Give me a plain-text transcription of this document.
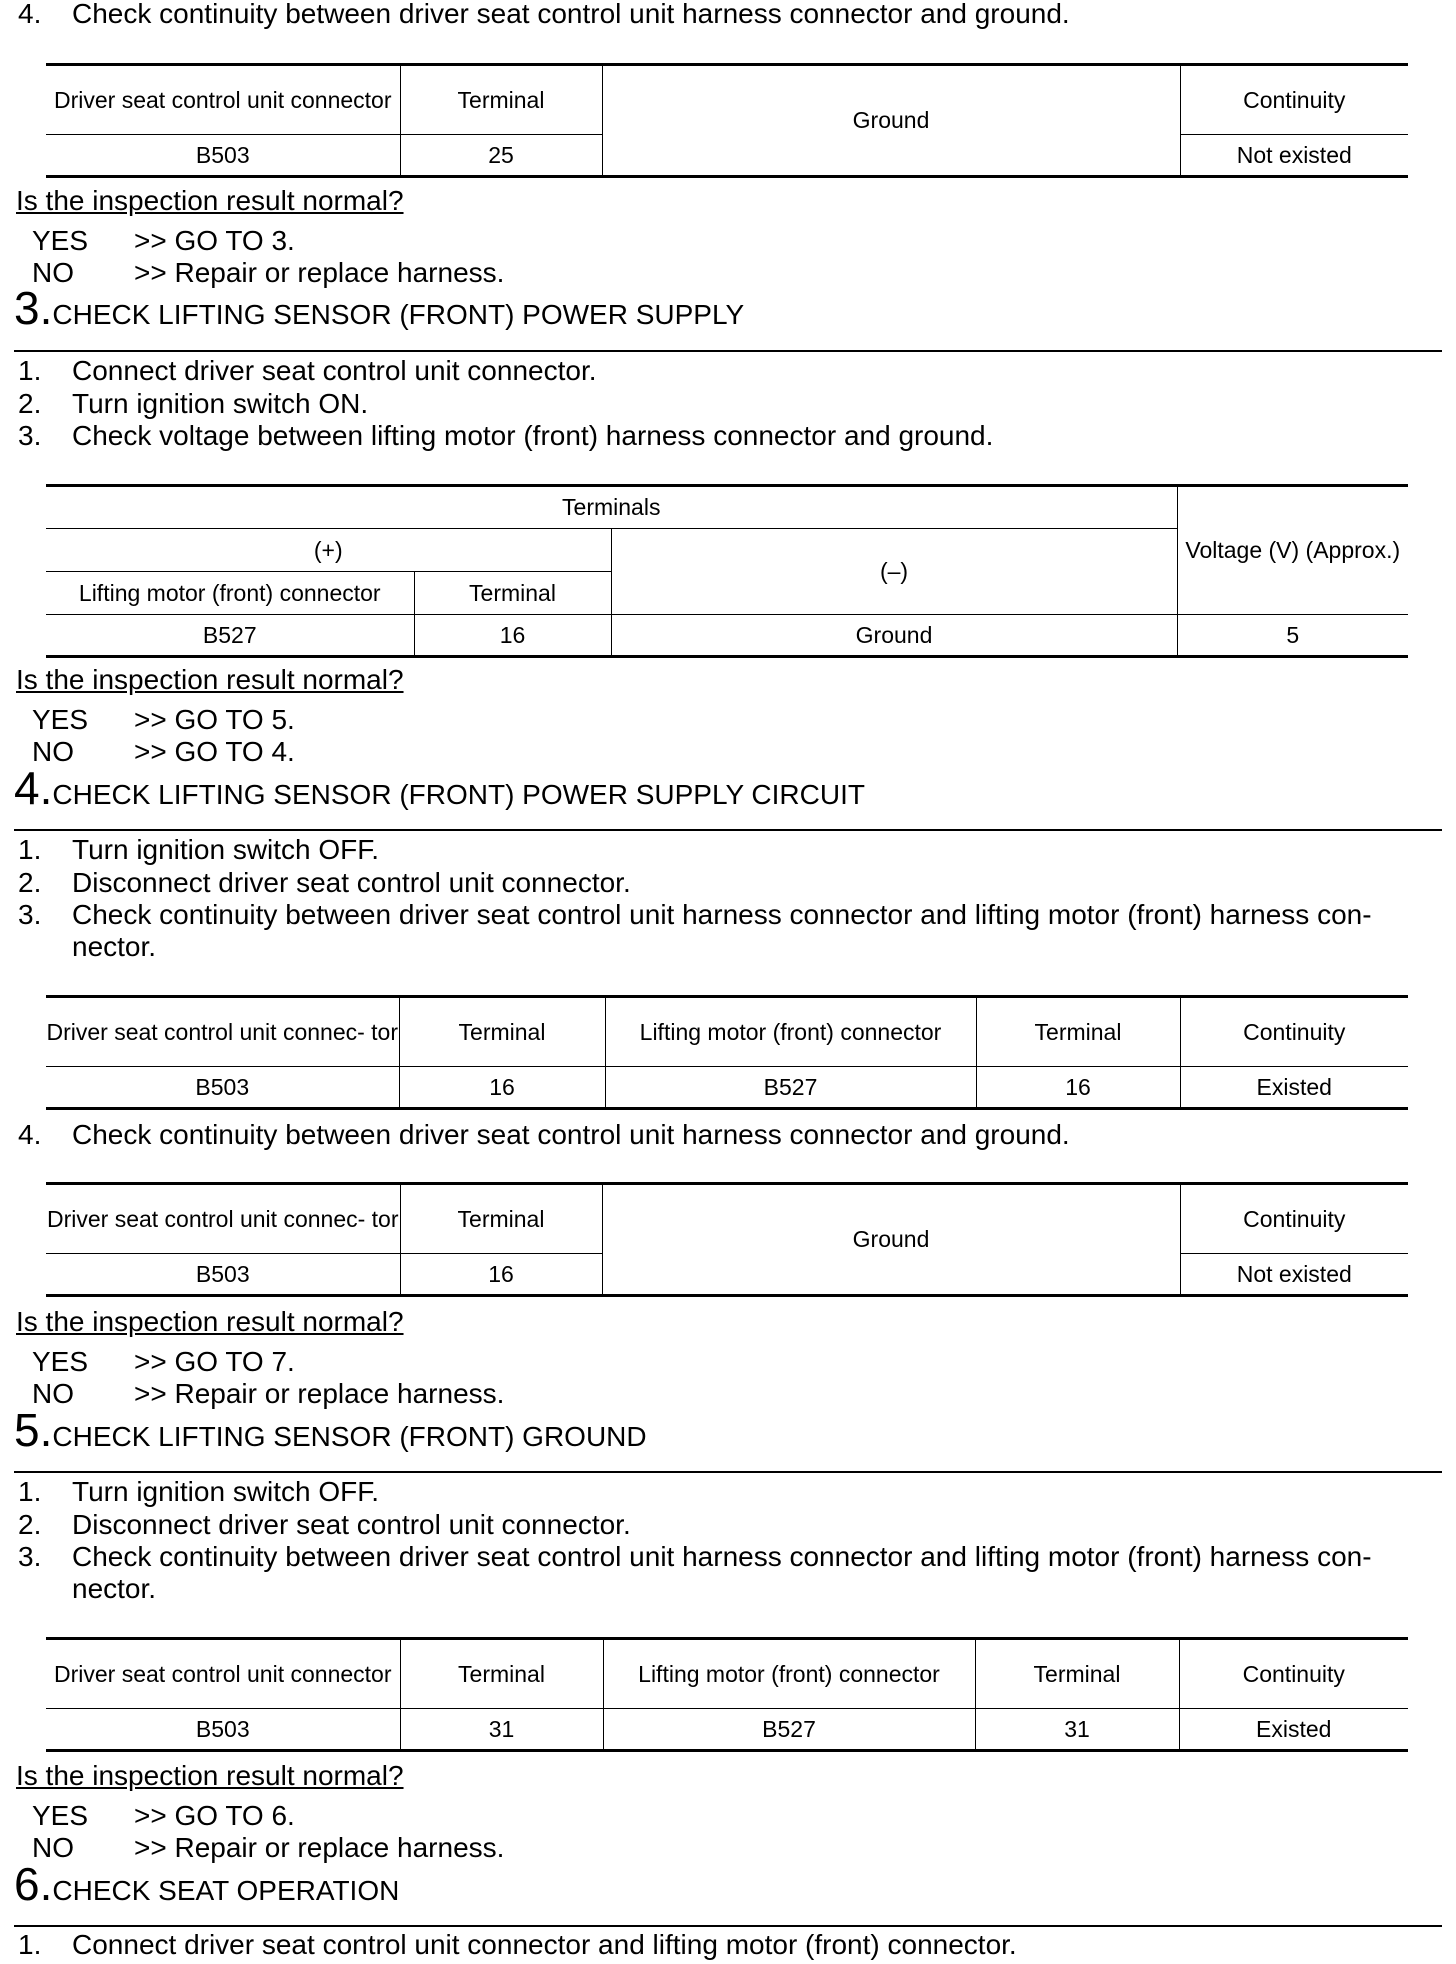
4. Check continuity between driver seat control unit harness connector and ground.
Driver seat control unit connector	Terminal	Ground	Continuity
B503	25		Not existed
Is the inspection result normal?
YES >> GO TO 3.
NO >> Repair or replace harness.
3.CHECK LIFTING SENSOR (FRONT) POWER SUPPLY
1. Connect driver seat control unit connector.
2. Turn ignition switch ON.
3. Check voltage between lifting motor (front) harness connector and ground.
Terminals			Voltage (V) (Approx.)
(+)		(–)	
Lifting motor (front) connector	Terminal		
B527	16	Ground	5
Is the inspection result normal?
YES >> GO TO 5.
NO >> GO TO 4.
4.CHECK LIFTING SENSOR (FRONT) POWER SUPPLY CIRCUIT
1. Turn ignition switch OFF.
2. Disconnect driver seat control unit connector.
3. Check continuity between driver seat control unit harness connector and lifting motor (front) harness con-
nector.
Driver seat control unit connec- tor	Terminal	Lifting motor (front) connector	Terminal	Continuity
B503	16	B527	16	Existed
4. Check continuity between driver seat control unit harness connector and ground.
Driver seat control unit connec- tor	Terminal	Ground	Continuity
B503	16		Not existed
Is the inspection result normal?
YES >> GO TO 7.
NO >> Repair or replace harness.
5.CHECK LIFTING SENSOR (FRONT) GROUND
1. Turn ignition switch OFF.
2. Disconnect driver seat control unit connector.
3. Check continuity between driver seat control unit harness connector and lifting motor (front) harness con-
nector.
Driver seat control unit connector	Terminal	Lifting motor (front) connector	Terminal	Continuity
B503	31	B527	31	Existed
Is the inspection result normal?
YES >> GO TO 6.
NO >> Repair or replace harness.
6.CHECK SEAT OPERATION
1. Connect driver seat control unit connector and lifting motor (front) connector.
